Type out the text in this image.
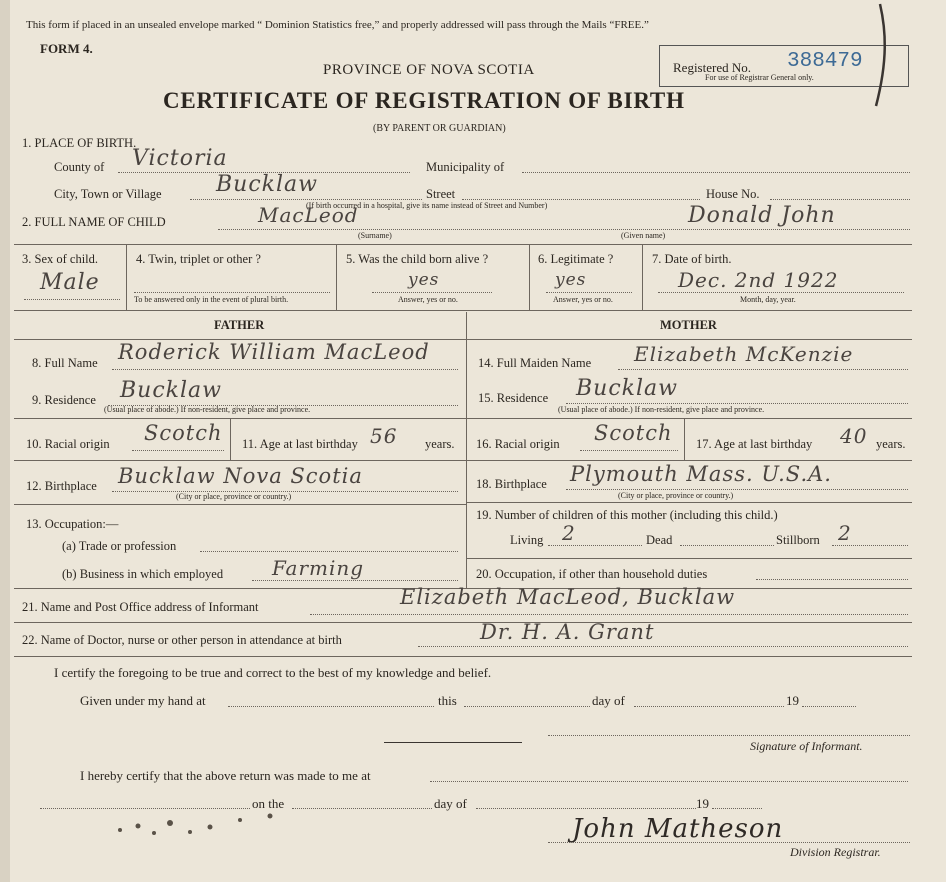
This form if placed in an unsealed envelope marked “ Dominion Statistics free,” and properly addressed will pass through the Mails “FREE.”
FORM 4.
PROVINCE OF NOVA SCOTIA
CERTIFICATE OF REGISTRATION OF BIRTH
(BY PARENT OR GUARDIAN)
Registered No. 388479
For use of Registrar General only.
1. PLACE OF BIRTH.
County of Victoria	Municipality of
City, Town or Village Bucklaw	Street	House No.
(If birth occurred in a hospital, give its name instead of Street and Number)
2. FULL NAME OF CHILD	MacLeod	Donald John
(Surname)	(Given name)
3. Sex of child.
Male
4. Twin, triplet or other ?
To be answered only in the event of plural birth.
5. Was the child born alive ?
yes
Answer, yes or no.
6. Legitimate ?
yes
Answer, yes or no.
7. Date of birth.
Dec. 2nd 1922
Month, day, year.
FATHER	MOTHER
8. Full Name Roderick William MacLeod
9. Residence Bucklaw
(Usual place of abode.) If non-resident, give place and province.
10. Racial origin Scotch 11. Age at last birthday 56 years.
12. Birthplace Bucklaw Nova Scotia
(City or place, province or country.)
13. Occupation:—
(a) Trade or profession
(b) Business in which employed Farming
14. Full Maiden Name Elizabeth McKenzie
15. Residence Bucklaw
(Usual place of abode.) If non-resident, give place and province.
16. Racial origin Scotch 17. Age at last birthday 40 years.
18. Birthplace Plymouth Mass. U.S.A.
(City or place, province or country.)
19. Number of children of this mother (including this child.)
Living 2	Dead	Stillborn 2
20. Occupation, if other than household duties
21. Name and Post Office address of Informant	Elizabeth MacLeod, Bucklaw
22. Name of Doctor, nurse or other person in attendance at birth	Dr. H. A. Grant
I certify the foregoing to be true and correct to the best of my knowledge and belief.
Given under my hand at	this	day of	19
Signature of Informant.
I hereby certify that the above return was made to me at
on the	day of	19
John Matheson
Division Registrar.
